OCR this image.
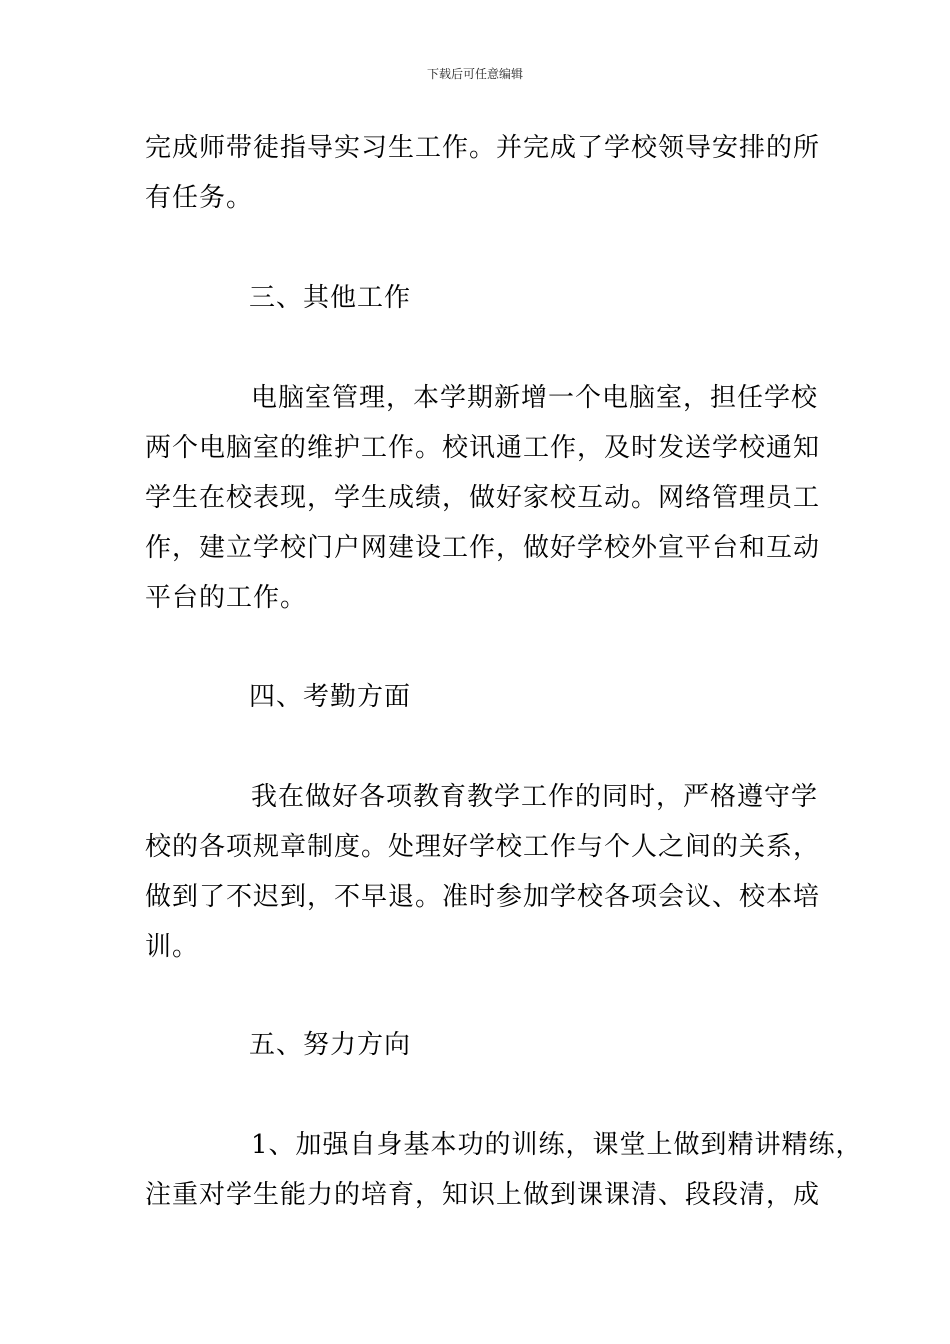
下载后可任意编辑
完成师带徒指导实习生工作。并完成了学校领导安排的所
有任务。
三、其他工作
电脑室管理，本学期新增一个电脑室，担任学校
两个电脑室的维护工作。校讯通工作，及时发送学校通知
学生在校表现，学生成绩，做好家校互动。网络管理员工
作，建立学校门户网建设工作，做好学校外宣平台和互动
平台的工作。
四、考勤方面
我在做好各项教育教学工作的同时，严格遵守学
校的各项规章制度。处理好学校工作与个人之间的关系，
做到了不迟到，不早退。准时参加学校各项会议、校本培
训。
五、努力方向
1、加强自身基本功的训练，课堂上做到精讲精练，
注重对学生能力的培育，知识上做到课课清、段段清，成
